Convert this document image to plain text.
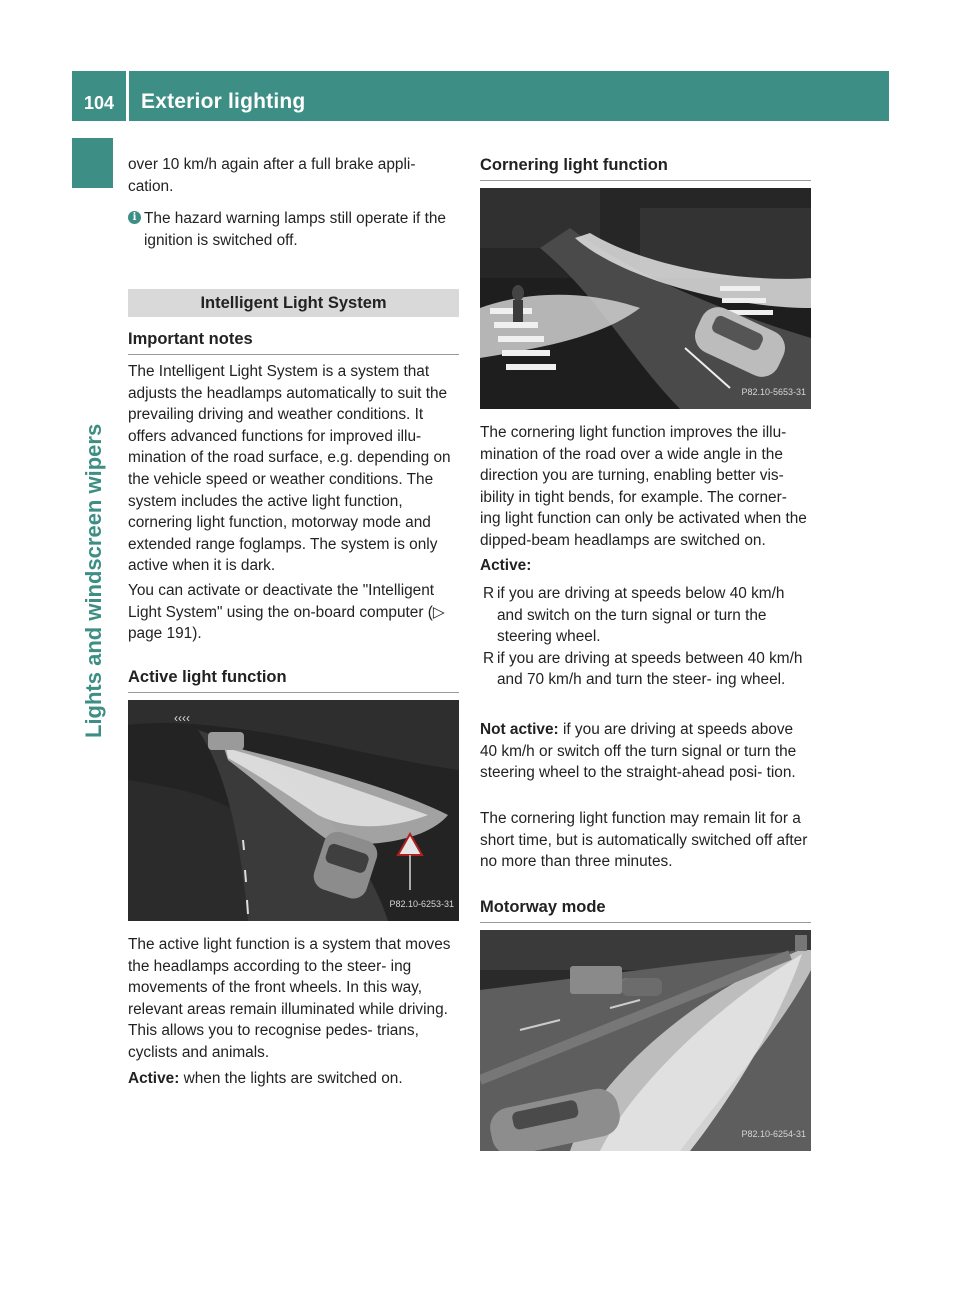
104	Exterior lighting
Lights and windscreen wipers
over 10 km/h again after a full brake appli- cation.
i The hazard warning lamps still operate if the ignition is switched off.
Intelligent Light System
Important notes
The Intelligent Light System is a system that adjusts the headlamps automatically to suit the prevailing driving and weather conditions. It offers advanced functions for improved illu- mination of the road surface, e.g. depending on the vehicle speed or weather conditions. The system includes the active light function, cornering light function, motorway mode and extended range foglamps. The system is only active when it is dark.
You can activate or deactivate the "Intelligent Light System" using the on-board computer (▷ page 191).
Active light function
‹‹‹‹
P82.10-6253-31
The active light function is a system that moves the headlamps according to the steer- ing movements of the front wheels. In this way, relevant areas remain illuminated while driving. This allows you to recognise pedes- trians, cyclists and animals.
Active: when the lights are switched on.
Cornering light function
P82.10-5653-31
The cornering light function improves the illu- mination of the road over a wide angle in the direction you are turning, enabling better vis- ibility in tight bends, for example. The corner- ing light function can only be activated when the dipped-beam headlamps are switched on.
Active:
R if you are driving at speeds below 40 km/h and switch on the turn signal or turn the steering wheel.
R if you are driving at speeds between 40 km/h and 70 km/h and turn the steer- ing wheel.
Not active: if you are driving at speeds above 40 km/h or switch off the turn signal or turn the steering wheel to the straight-ahead posi- tion.
The cornering light function may remain lit for a short time, but is automatically switched off after no more than three minutes.
Motorway mode
P82.10-6254-31
